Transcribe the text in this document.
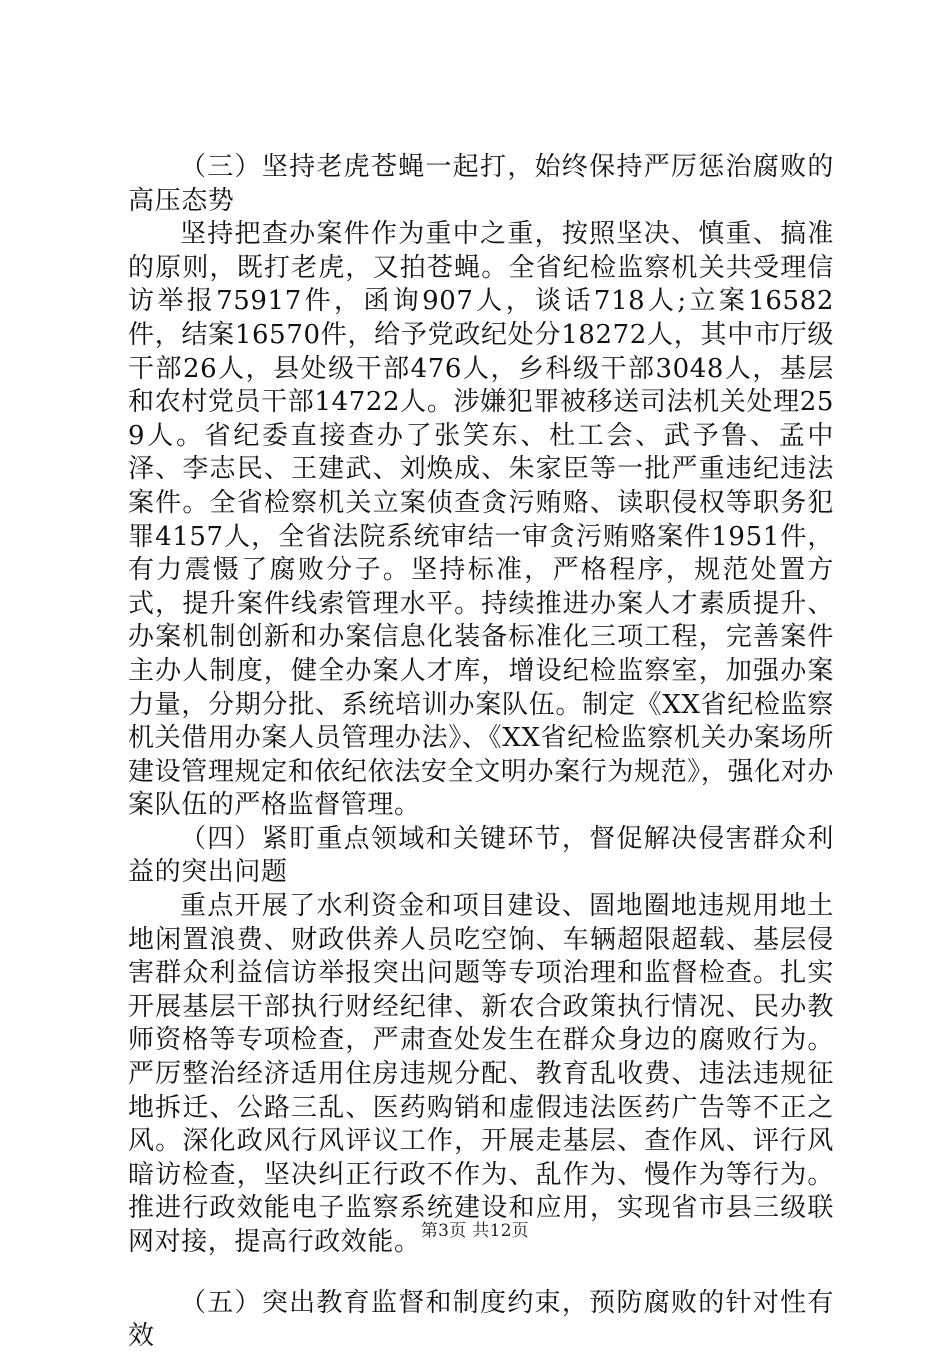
（三）坚持老虎苍蝇一起打，始终保持严厉惩治腐败的高压态势

坚持把查办案件作为重中之重，按照坚决、慎重、搞准的原则，既打老虎，又拍苍蝇。全省纪检监察机关共受理信访举报75917件，函询907人，谈话718人;立案16582件，结案16570件，给予党政纪处分18272人，其中市厅级干部26人，县处级干部476人，乡科级干部3048人，基层和农村党员干部14722人。涉嫌犯罪被移送司法机关处理259人。省纪委直接查办了张笑东、杜工会、武予鲁、孟中泽、李志民、王建武、刘焕成、朱家臣等一批严重违纪违法案件。全省检察机关立案侦查贪污贿赂、读职侵权等职务犯罪4157人，全省法院系统审结一审贪污贿赂案件1951件，有力震慑了腐败分子。坚持标准，严格程序，规范处置方式，提升案件线索管理水平。持续推进办案人才素质提升、办案机制创新和办案信息化装备标准化三项工程，完善案件主办人制度，健全办案人才库，增设纪检监察室，加强办案力量，分期分批、系统培训办案队伍。制定《XX省纪检监察机关借用办案人员管理办法》、《XX省纪检监察机关办案场所建设管理规定和依纪依法安全文明办案行为规范》，强化对办案队伍的严格监督管理。

（四）紧盯重点领域和关键环节，督促解决侵害群众利益的突出问题

重点开展了水利资金和项目建设、圄地圈地违规用地土地闲置浪费、财政供养人员吃空饷、车辆超限超载、基层侵害群众利益信访举报突出问题等专项治理和监督检查。扎实开展基层干部执行财经纪律、新农合政策执行情况、民办教师资格等专项检查，严肃查处发生在群众身边的腐败行为。严厉整治经济适用住房违规分配、教育乱收费、违法违规征地拆迁、公路三乱、医药购销和虚假违法医药广告等不正之风。深化政风行风评议工作，开展走基层、查作风、评行风暗访检查，坚决纠正行政不作为、乱作为、慢作为等行为。推进行政效能电子监察系统建设和应用，实现省市县三级联网对接，提高行政效能。

（五）突出教育监督和制度约束，预防腐败的针对性有效

第3页 共12页
